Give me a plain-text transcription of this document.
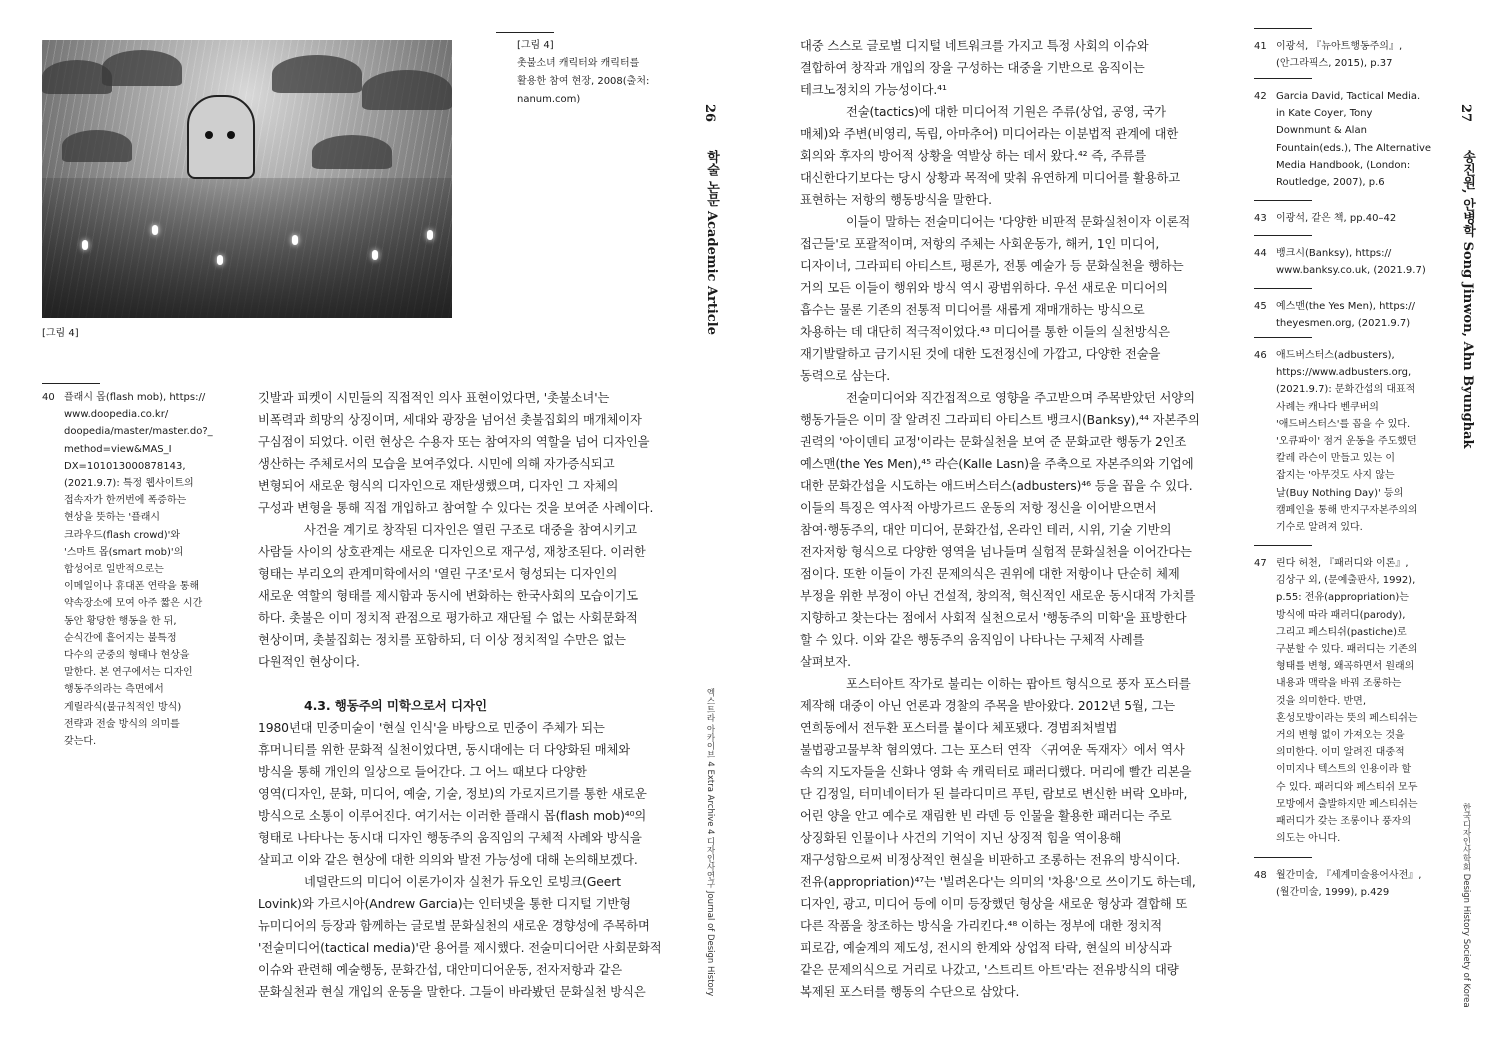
[그림 4]
[그림 4]
촛불소녀 캐릭터와 캐릭터를
활용한 참여 현장, 2008(출처:
nanum.com)
26
학술 논문 Academic Article
엑스트라 아카이브 4 Extra Archive 4 디자인사연구 Journal of Design History
40 플래시 몹(flash mob), https://
www.doopedia.co.kr/
doopedia/master/master.do?_
method=view&MAS_I
DX=101013000878143,
(2021.9.7): 특정 웹사이트의
접속자가 한꺼번에 폭증하는
현상을 뜻하는 '플래시
크라우드(flash crowd)'와
'스마트 몹(smart mob)'의
합성어로 일반적으로는
이메일이나 휴대폰 연락을 통해
약속장소에 모여 아주 짧은 시간
동안 황당한 행동을 한 뒤,
순식간에 흩어지는 불특정
다수의 군중의 형태나 현상을
말한다. 본 연구에서는 디자인
행동주의라는 측면에서
게릴라식(불규칙적인 방식)
전략과 전술 방식의 의미를
갖는다.

깃발과 피켓이 시민들의 직접적인 의사 표현이었다면, '촛불소녀'는
비폭력과 희망의 상징이며, 세대와 광장을 넘어선 촛불집회의 매개체이자
구심점이 되었다. 이런 현상은 수용자 또는 참여자의 역할을 넘어 디자인을
생산하는 주체로서의 모습을 보여주었다. 시민에 의해 자가증식되고
변형되어 새로운 형식의 디자인으로 재탄생했으며, 디자인 그 자체의
구성과 변형을 통해 직접 개입하고 참여할 수 있다는 것을 보여준 사례이다.

사건을 계기로 창작된 디자인은 열린 구조로 대중을 참여시키고
사람들 사이의 상호관계는 새로운 디자인으로 재구성, 재창조된다. 이러한
형태는 부리오의 관계미학에서의 '열린 구조'로서 형성되는 디자인의
새로운 역할의 형태를 제시함과 동시에 변화하는 한국사회의 모습이기도
하다. 촛불은 이미 정치적 관점으로 평가하고 재단될 수 없는 사회문화적
현상이며, 촛불집회는 정치를 포함하되, 더 이상 정치적일 수만은 없는
다원적인 현상이다.

4.3. 행동주의 미학으로서 디자인

1980년대 민중미술이 '현실 인식'을 바탕으로 민중이 주체가 되는
휴머니티를 위한 문화적 실천이었다면, 동시대에는 더 다양화된 매체와
방식을 통해 개인의 일상으로 들어간다. 그 어느 때보다 다양한
영역(디자인, 문화, 미디어, 예술, 기술, 정보)의 가로지르기를 통한 새로운
방식으로 소통이 이루어진다. 여기서는 이러한 플래시 몹(flash mob)⁴⁰의
형태로 나타나는 동시대 디자인 행동주의 움직임의 구체적 사례와 방식을
살피고 이와 같은 현상에 대한 의의와 발전 가능성에 대해 논의해보겠다.

네덜란드의 미디어 이론가이자 실천가 듀오인 로빙크(Geert
Lovink)와 가르시아(Andrew Garcia)는 인터넷을 통한 디지털 기반형
뉴미디어의 등장과 함께하는 글로벌 문화실천의 새로운 경향성에 주목하며
'전술미디어(tactical media)'란 용어를 제시했다. 전술미디어란 사회문화적
이슈와 관련해 예술행동, 문화간섭, 대안미디어운동, 전자저항과 같은
문화실천과 현실 개입의 운동을 말한다. 그들이 바라봤던 문화실천 방식은

대중 스스로 글로벌 디지털 네트워크를 가지고 특정 사회의 이슈와
결합하여 창작과 개입의 장을 구성하는 대중을 기반으로 움직이는
테크노정치의 가능성이다.⁴¹

전술(tactics)에 대한 미디어적 기원은 주류(상업, 공영, 국가
매체)와 주변(비영리, 독립, 아마추어) 미디어라는 이분법적 관계에 대한
회의와 후자의 방어적 상황을 역발상 하는 데서 왔다.⁴² 즉, 주류를
대신한다기보다는 당시 상황과 목적에 맞춰 유연하게 미디어를 활용하고
표현하는 저항의 행동방식을 말한다.

이들이 말하는 전술미디어는 '다양한 비판적 문화실천이자 이론적
접근들'로 포괄적이며, 저항의 주체는 사회운동가, 해커, 1인 미디어,
디자이너, 그라피티 아티스트, 평론가, 전통 예술가 등 문화실천을 행하는
거의 모든 이들이 행위와 방식 역시 광범위하다. 우선 새로운 미디어의
흡수는 물론 기존의 전통적 미디어를 새롭게 재매개하는 방식으로
차용하는 데 대단히 적극적이었다.⁴³ 미디어를 통한 이들의 실천방식은
재기발랄하고 금기시된 것에 대한 도전정신에 가깝고, 다양한 전술을
동력으로 삼는다.

전술미디어와 직간접적으로 영향을 주고받으며 주목받았던 서양의
행동가들은 이미 잘 알려진 그라피티 아티스트 뱅크시(Banksy),⁴⁴ 자본주의
권력의 '아이덴티 교정'이라는 문화실천을 보여 준 문화교란 행동가 2인조
예스맨(the Yes Men),⁴⁵ 라슨(Kalle Lasn)을 주축으로 자본주의와 기업에
대한 문화간섭을 시도하는 애드버스터스(adbusters)⁴⁶ 등을 꼽을 수 있다.
이들의 특징은 역사적 아방가르드 운동의 저항 정신을 이어받으면서
참여·행동주의, 대안 미디어, 문화간섭, 온라인 테러, 시위, 기술 기반의
전자저항 형식으로 다양한 영역을 넘나들며 실험적 문화실천을 이어간다는
점이다. 또한 이들이 가진 문제의식은 권위에 대한 저항이나 단순히 체제
부정을 위한 부정이 아닌 건설적, 창의적, 혁신적인 새로운 동시대적 가치를
지향하고 찾는다는 점에서 사회적 실천으로서 '행동주의 미학'을 표방한다
할 수 있다. 이와 같은 행동주의 움직임이 나타나는 구체적 사례를
살펴보자.

포스터아트 작가로 불리는 이하는 팝아트 형식으로 풍자 포스터를
제작해 대중이 아닌 언론과 경찰의 주목을 받아왔다. 2012년 5월, 그는
연희동에서 전두환 포스터를 붙이다 체포됐다. 경범죄처벌법
불법광고물부착 혐의였다. 그는 포스터 연작 〈귀여운 독재자〉에서 역사
속의 지도자들을 신화나 영화 속 캐릭터로 패러디했다. 머리에 빨간 리본을
단 김정일, 터미네이터가 된 블라디미르 푸틴, 람보로 변신한 버락 오바마,
어린 양을 안고 예수로 재림한 빈 라덴 등 인물을 활용한 패러디는 주로
상징화된 인물이나 사건의 기억이 지닌 상징적 힘을 역이용해
재구성함으로써 비정상적인 현실을 비판하고 조롱하는 전유의 방식이다.
전유(appropriation)⁴⁷는 '빌려온다'는 의미의 '차용'으로 쓰이기도 하는데,
디자인, 광고, 미디어 등에 이미 등장했던 형상을 새로운 형상과 결합해 또
다른 작품을 창조하는 방식을 가리킨다.⁴⁸ 이하는 정부에 대한 정치적
피로감, 예술계의 제도성, 전시의 한계와 상업적 타락, 현실의 비상식과
같은 문제의식으로 거리로 나갔고, '스트리트 아트'라는 전유방식의 대량
복제된 포스터를 행동의 수단으로 삼았다.

41 이광석, 『뉴아트행동주의』,
(안그라픽스, 2015), p.37
42 Garcia David, Tactical Media.
in Kate Coyer, Tony
Downmunt & Alan
Fountain(eds.), The Alternative
Media Handbook, (London:
Routledge, 2007), p.6
43 이광석, 같은 책, pp.40–42
44 뱅크시(Banksy), https://
www.banksy.co.uk, (2021.9.7)
45 예스맨(the Yes Men), https://
theyesmen.org, (2021.9.7)
46 애드버스터스(adbusters),
https://www.adbusters.org,
(2021.9.7): 문화간섭의 대표적
사례는 캐나다 벤쿠버의
'애드버스터스'를 꼽을 수 있다.
'오큐파이' 점거 운동을 주도했던
칼레 라슨이 만들고 있는 이
잡지는 '아무것도 사지 않는
날(Buy Nothing Day)' 등의
캠페인을 통해 반지구자본주의의
기수로 알려져 있다.
47 린다 허천, 『패러디와 이론』,
김상구 외, (문예출판사, 1992),
p.55: 전유(appropriation)는
방식에 따라 패러디(parody),
그리고 페스티쉬(pastiche)로
구분할 수 있다. 패러디는 기존의
형태를 변형, 왜곡하면서 원래의
내용과 맥락을 바꿔 조롱하는
것을 의미한다. 반면,
혼성모방이라는 뜻의 페스티쉬는
거의 변형 없이 가져오는 것을
의미한다. 이미 알려진 대중적
이미지나 텍스트의 인용이라 할
수 있다. 패러디와 페스티쉬 모두
모방에서 출발하지만 페스티쉬는
패러디가 갖는 조롱이나 풍자의
의도는 아니다.
48 월간미술, 『세계미술용어사전』,
(월간미술, 1999), p.429
27
송진원, 안병학 Song Jinwon, Ahn Byunghak
한국디자인사학회 Design History Society of Korea
